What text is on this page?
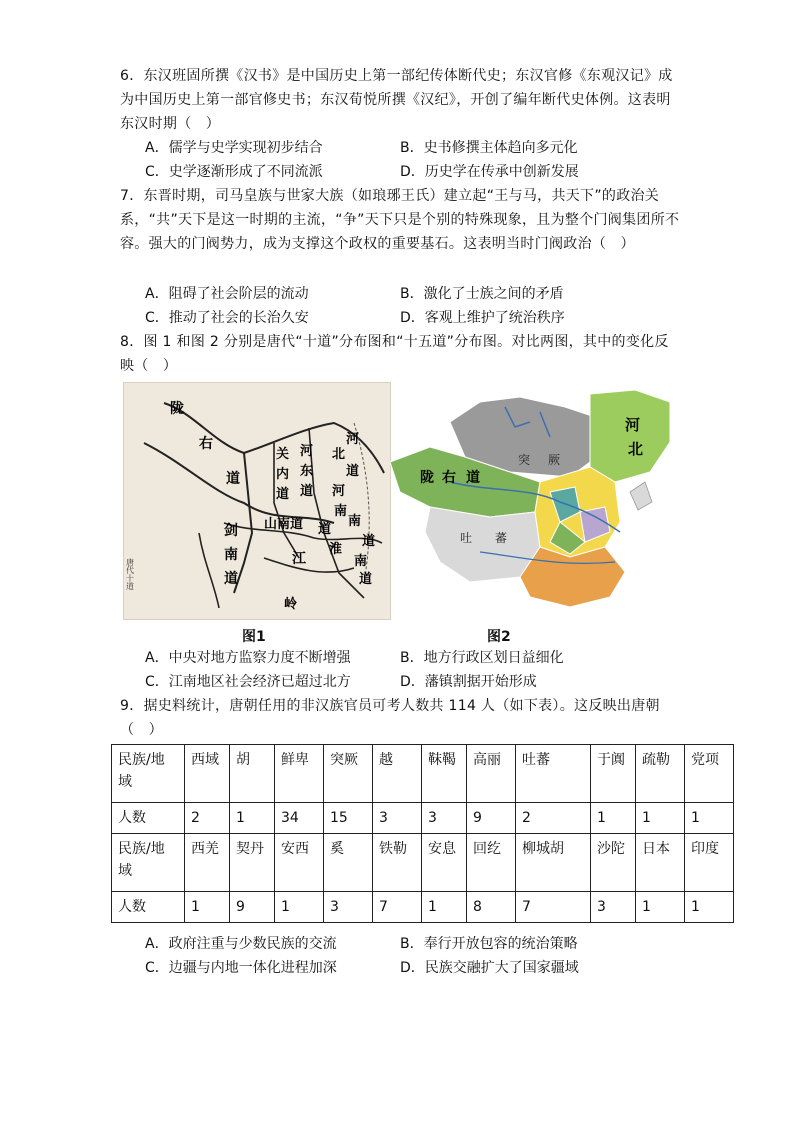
6．东汉班固所撰《汉书》是中国历史上第一部纪传体断代史；东汉官修《东观汉记》成为中国历史上第一部官修史书；东汉荀悦所撰《汉纪》，开创了编年断代史体例。这表明东汉时期（　）
A．儒学与史学实现初步结合	B．史书修撰主体趋向多元化
C．史学逐渐形成了不同流派	D．历史学在传承中创新发展
7．东晋时期，司马皇族与世家大族（如琅琊王氏）建立起“王与马，共天下”的政治关系，“共”天下是这一时期的主流，“争”天下只是个别的特殊现象，且为整个门阀集团所不容。强大的门阀势力，成为支撑这个政权的重要基石。这表明当时门阀政治（　）
A．阻碍了社会阶层的流动	B．激化了士族之间的矛盾
C．推动了社会的长治久安	D．客观上维护了统治秩序
8．图 1 和图 2 分别是唐代“十道”分布图和“十五道”分布图。对比两图，其中的变化反映（　）
陇
右
道
关
内
道
河
东
道
河
北
道
河
南
道
山南道
淮
南
道
剑
南
道
江	南
道
岭
唐代十道
河
北
突 厥
陇 右 道
吐 蕃
图1	图2
A．中央对地方监察力度不断增强	B．地方行政区划日益细化
C．江南地区社会经济已超过北方	D．藩镇割据开始形成
9．据史料统计，唐朝任用的非汉族官员可考人数共 114 人（如下表）。这反映出唐朝（　）
民族/地域	西域	胡	鲜卑	突厥	越	靺鞨	高丽	吐蕃	于阗	疏勒	党项
人数	2	1	34	15	3	3	9	2	1	1	1
民族/地域	西羌	契丹	安西	奚	铁勒	安息	回纥	柳城胡	沙陀	日本	印度
人数	1	9	1	3	7	1	8	7	3	1	1
A．政府注重与少数民族的交流	B．奉行开放包容的统治策略
C．边疆与内地一体化进程加深	D．民族交融扩大了国家疆域
